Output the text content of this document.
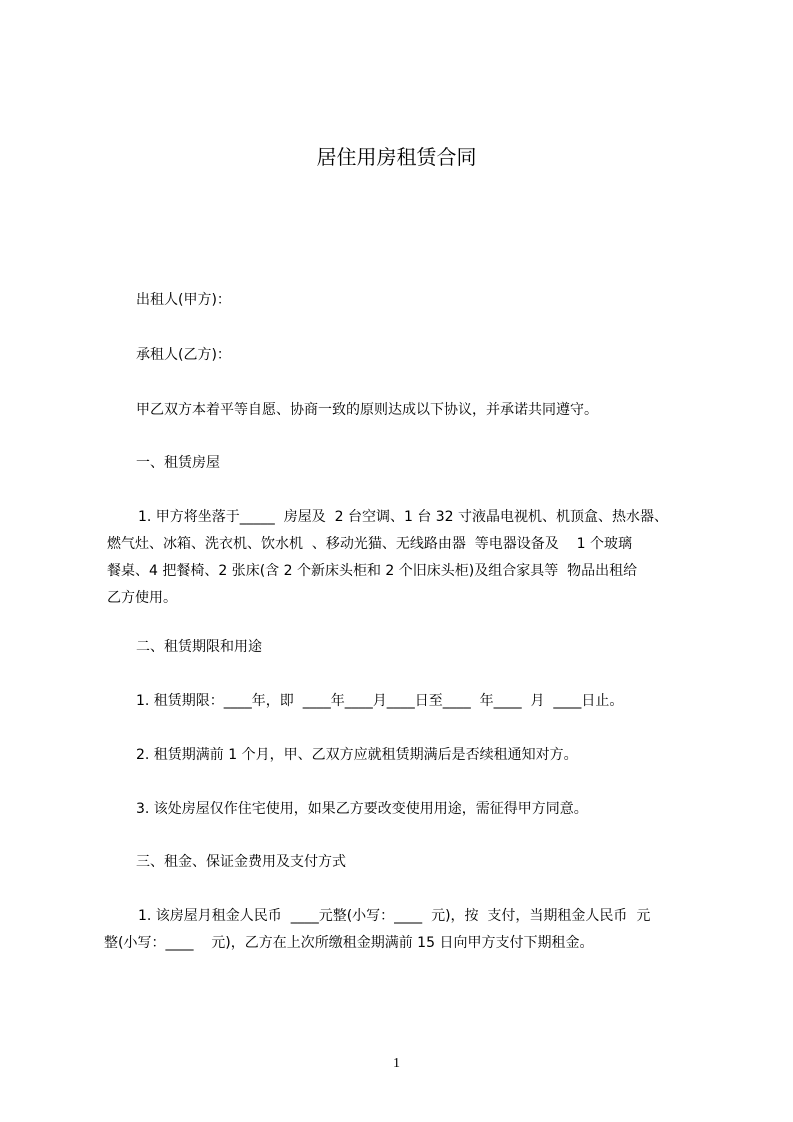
居住用房租赁合同
出租人(甲方)：
承租人(乙方)：
甲乙双方本着平等自愿、协商一致的原则达成以下协议，并承诺共同遵守。
一、租赁房屋
1. 甲方将坐落于_____  房屋及  2 台空调、1 台 32 寸液晶电视机、机顶盒、热水器、
燃气灶、冰箱、洗衣机、饮水机  、移动光猫、无线路由器  等电器设备及    1 个玻璃
餐桌、4 把餐椅、2 张床(含 2 个新床头柜和 2 个旧床头柜)及组合家具等  物品出租给
乙方使用。
二、租赁期限和用途
1. 租赁期限：____年，即  ____年____月____日至____  年____  月  ____日止。
2. 租赁期满前 1 个月，甲、乙双方应就租赁期满后是否续租通知对方。
3. 该处房屋仅作住宅使用，如果乙方要改变使用用途，需征得甲方同意。
三、租金、保证金费用及支付方式
1. 该房屋月租金人民币  ____元整(小写：____  元)，按  支付，当期租金人民币  元
整(小写：____    元)，乙方在上次所缴租金期满前 15 日向甲方支付下期租金。
1
